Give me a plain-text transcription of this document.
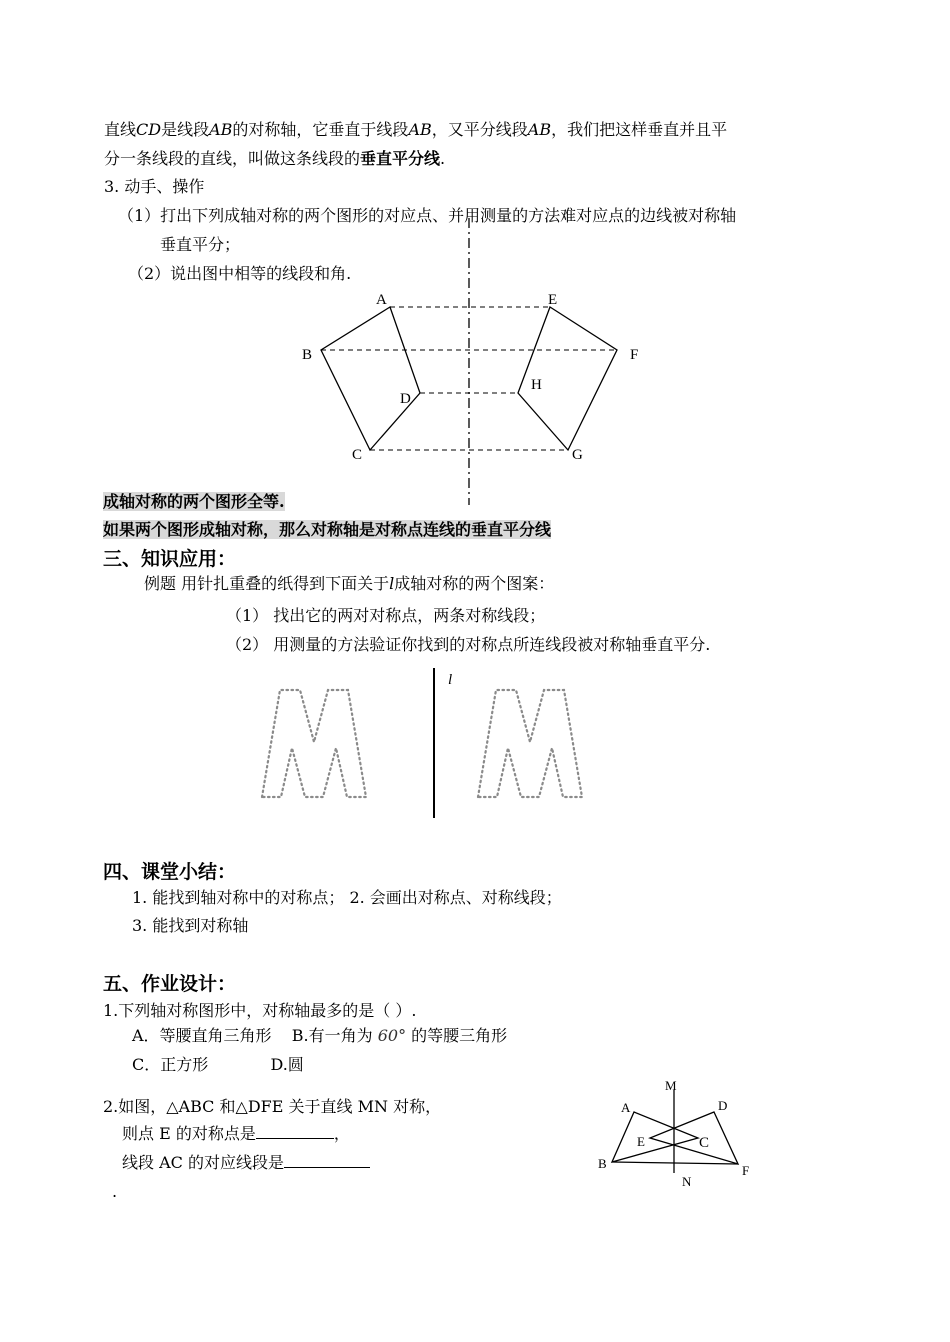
直线CD是线段AB的对称轴，它垂直于线段AB，又平分线段AB，我们把这样垂直并且平
分一条线段的直线，叫做这条线段的垂直平分线.
3. 动手、操作
（1）打出下列成轴对称的两个图形的对应点、并用测量的方法难对应点的边线被对称轴
垂直平分；
（2）说出图中相等的线段和角.
A
B
C
D
E
F
G
H
成轴对称的两个图形全等.
如果两个图形成轴对称，那么对称轴是对称点连线的垂直平分线
三、知识应用：
例题 用针扎重叠的纸得到下面关于l成轴对称的两个图案：
（1） 找出它的两对对称点，两条对称线段；
（2） 用测量的方法验证你找到的对称点所连线段被对称轴垂直平分.
l
四、课堂小结：
1. 能找到轴对称中的对称点； 2. 会画出对称点、对称线段；
3. 能找到对称轴
五、作业设计：
1.下列轴对称图形中，对称轴最多的是（ ）.
A．等腰直角三角形 B.有一角为 60° 的等腰三角形
C．正方形	D.圆
2.如图，△ABC 和△DFE 关于直线 MN 对称，
则点 E 的对称点是	，
线段 AC 的对应线段是
.
M
N
A
B
C
D
E
F
